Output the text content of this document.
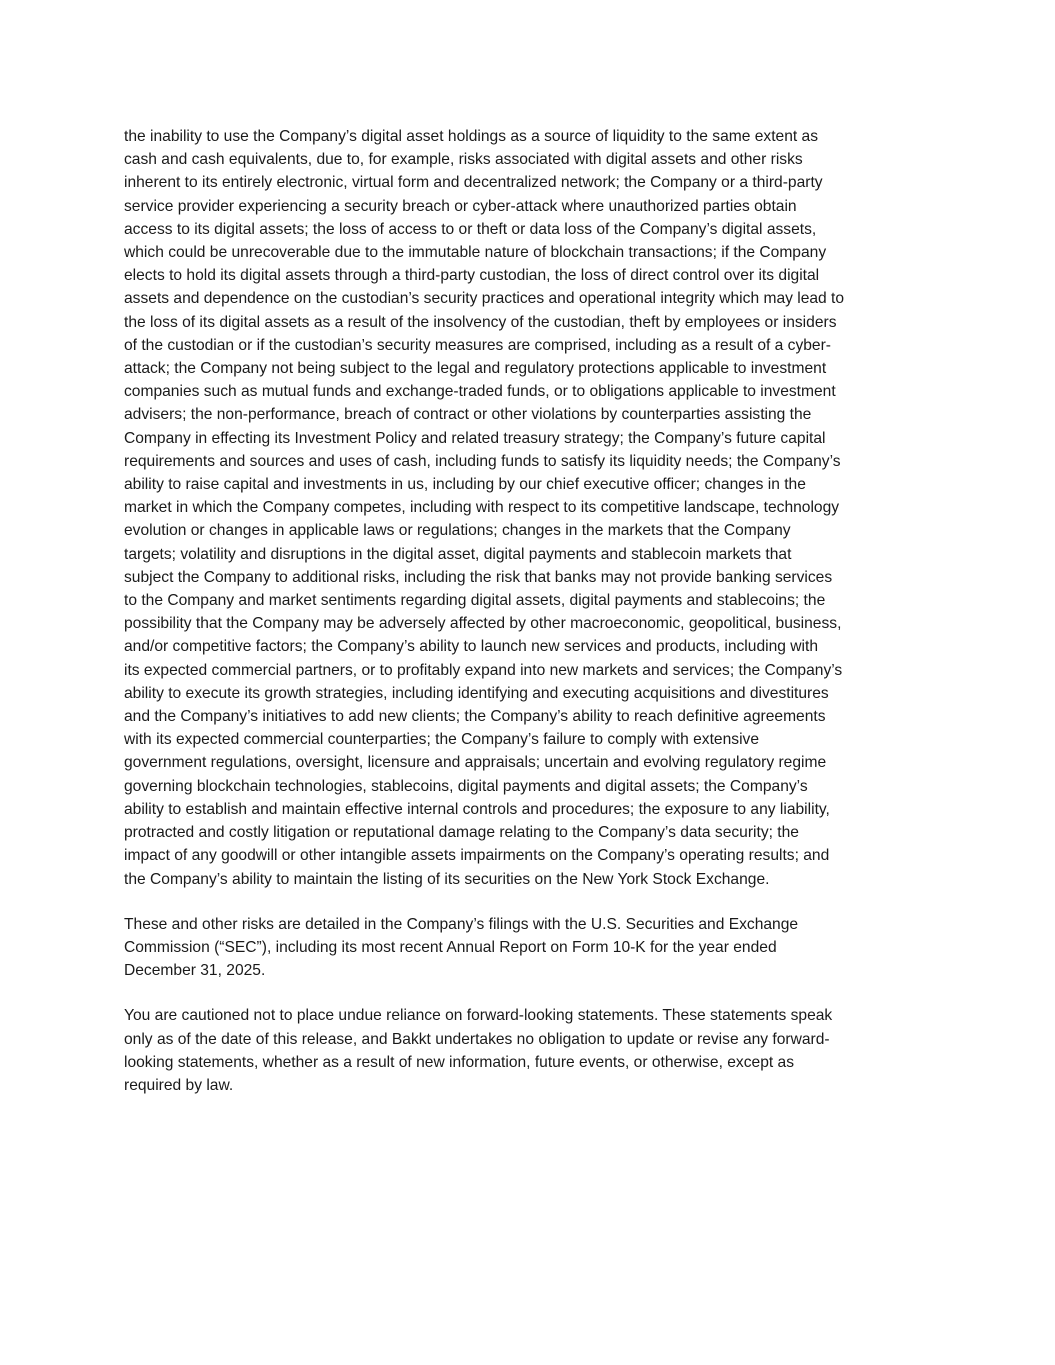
the inability to use the Company’s digital asset holdings as a source of liquidity to the same extent as
cash and cash equivalents, due to, for example, risks associated with digital assets and other risks
inherent to its entirely electronic, virtual form and decentralized network; the Company or a third-party
service provider experiencing a security breach or cyber-attack where unauthorized parties obtain
access to its digital assets; the loss of access to or theft or data loss of the Company’s digital assets,
which could be unrecoverable due to the immutable nature of blockchain transactions; if the Company
elects to hold its digital assets through a third-party custodian, the loss of direct control over its digital
assets and dependence on the custodian’s security practices and operational integrity which may lead to
the loss of its digital assets as a result of the insolvency of the custodian, theft by employees or insiders
of the custodian or if the custodian’s security measures are comprised, including as a result of a cyber-
attack; the Company not being subject to the legal and regulatory protections applicable to investment
companies such as mutual funds and exchange-traded funds, or to obligations applicable to investment
advisers; the non-performance, breach of contract or other violations by counterparties assisting the
Company in effecting its Investment Policy and related treasury strategy; the Company’s future capital
requirements and sources and uses of cash, including funds to satisfy its liquidity needs; the Company’s
ability to raise capital and investments in us, including by our chief executive officer; changes in the
market in which the Company competes, including with respect to its competitive landscape, technology
evolution or changes in applicable laws or regulations; changes in the markets that the Company
targets; volatility and disruptions in the digital asset, digital payments and stablecoin markets that
subject the Company to additional risks, including the risk that banks may not provide banking services
to the Company and market sentiments regarding digital assets, digital payments and stablecoins; the
possibility that the Company may be adversely affected by other macroeconomic, geopolitical, business,
and/or competitive factors; the Company’s ability to launch new services and products, including with
its expected commercial partners, or to profitably expand into new markets and services; the Company’s
ability to execute its growth strategies, including identifying and executing acquisitions and divestitures
and the Company’s initiatives to add new clients; the Company’s ability to reach definitive agreements
with its expected commercial counterparties; the Company’s failure to comply with extensive
government regulations, oversight, licensure and appraisals; uncertain and evolving regulatory regime
governing blockchain technologies, stablecoins, digital payments and digital assets; the Company’s
ability to establish and maintain effective internal controls and procedures; the exposure to any liability,
protracted and costly litigation or reputational damage relating to the Company’s data security; the
impact of any goodwill or other intangible assets impairments on the Company’s operating results; and
the Company’s ability to maintain the listing of its securities on the New York Stock Exchange.

These and other risks are detailed in the Company’s filings with the U.S. Securities and Exchange
Commission (“SEC”), including its most recent Annual Report on Form 10-K for the year ended
December 31, 2025.

You are cautioned not to place undue reliance on forward-looking statements. These statements speak
only as of the date of this release, and Bakkt undertakes no obligation to update or revise any forward-
looking statements, whether as a result of new information, future events, or otherwise, except as
required by law.
